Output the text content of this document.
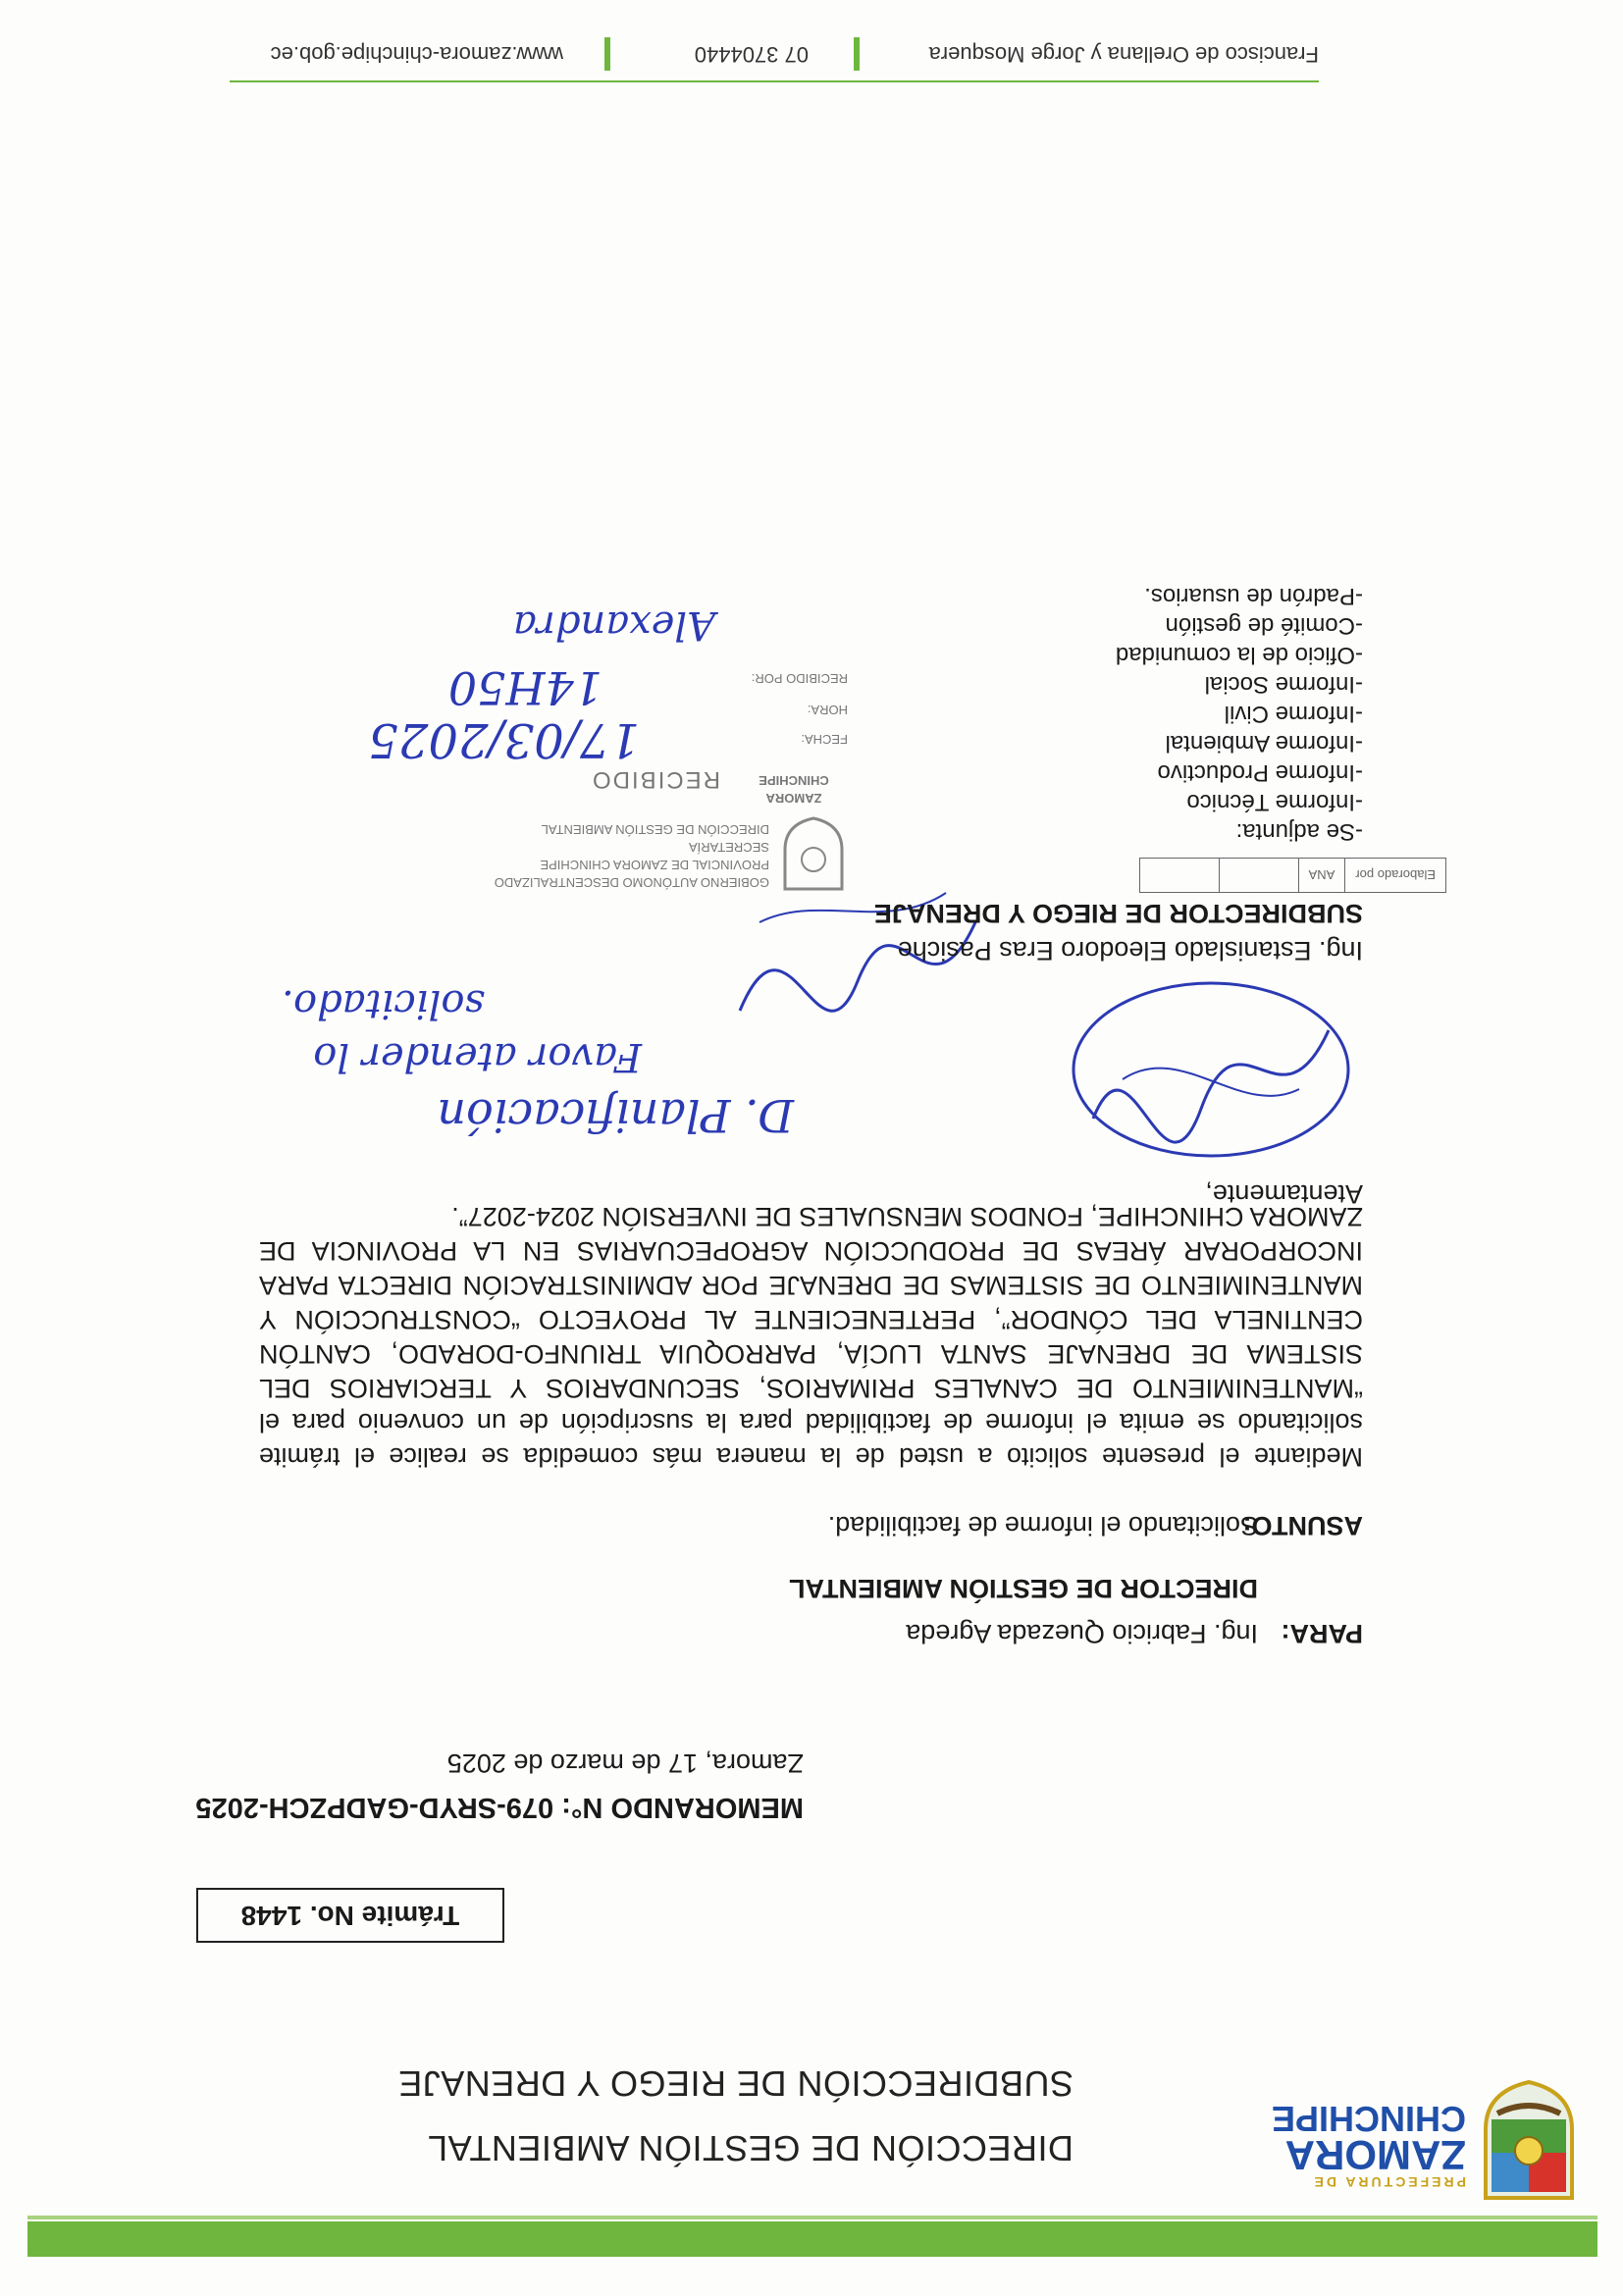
PREFECTURA DE
ZAMORA
CHINCHIPE
DIRECCIÓN DE GESTIÓN AMBIENTAL
SUBDIRECCIÓN DE RIEGO Y DRENAJE
Trámite No. 1448
MEMORANDO N°: 079-SRYD-GADPZCH-2025
Zamora, 17 de marzo de 2025
PARA:
Ing. Fabricio Quezada Agreda
DIRECTOR DE GESTIÓN AMBIENTAL
ASUNTO:
Solicitando el informe de factibilidad.
Mediante el presente solicito a usted de la manera más comedida se realice el trámite solicitando se emita el informe de factibilidad para la suscripción de un convenio para el “MANTENIMIENTO DE CANALES PRIMARIOS, SECUNDARIOS Y TERCIARIOS DEL SISTEMA DE DRENAJE SANTA LUCÍA, PARROQUIA TRIUNFO-DORADO, CANTÓN CENTINELA DEL CÓNDOR”, PERTENECIENTE AL PROYECTO “CONSTRUCCIÓN Y MANTENIMIENTO DE SISTEMAS DE DRENAJE POR ADMINISTRACIÓN DIRECTA PARA INCORPORAR ÁREAS DE PRODUCCIÓN AGROPECUARIAS EN LA PROVINCIA DE ZAMORA CHINCHIPE, FONDOS MENSUALES DE INVERSIÓN 2024-2027”.
Atentamente,
Ing. Estanislado Eleodoro Eras Pasiche
SUBDIRECTOR DE RIEGO Y DRENAJE
Elaborado por	ANA		
-Se adjunta:
-Informe Técnico
-Informe Productivo
-Informe Ambiental
-Informe Civil
-Informe Social
-Oficio de la comunidad
-Comité de gestión
-Padrón de usuarios.
GOBIERNO AUTÓNOMO DESCENTRALIZADO
PROVINCIAL DE ZAMORA CHINCHIPE
SECRETARÍA
DIRECCIÓN DE GESTIÓN AMBIENTAL
ZAMORA
CHINCHIPE
RECIBIDO
FECHA:
HORA:
RECIBIDO POR:
D. Planificación
Favor atender lo
solicitado.
17/03/2025
14H50
Alexandra
Francisco de Orellana y Jorge Mosquera
07 3704440
www.zamora-chinchipe.gob.ec
